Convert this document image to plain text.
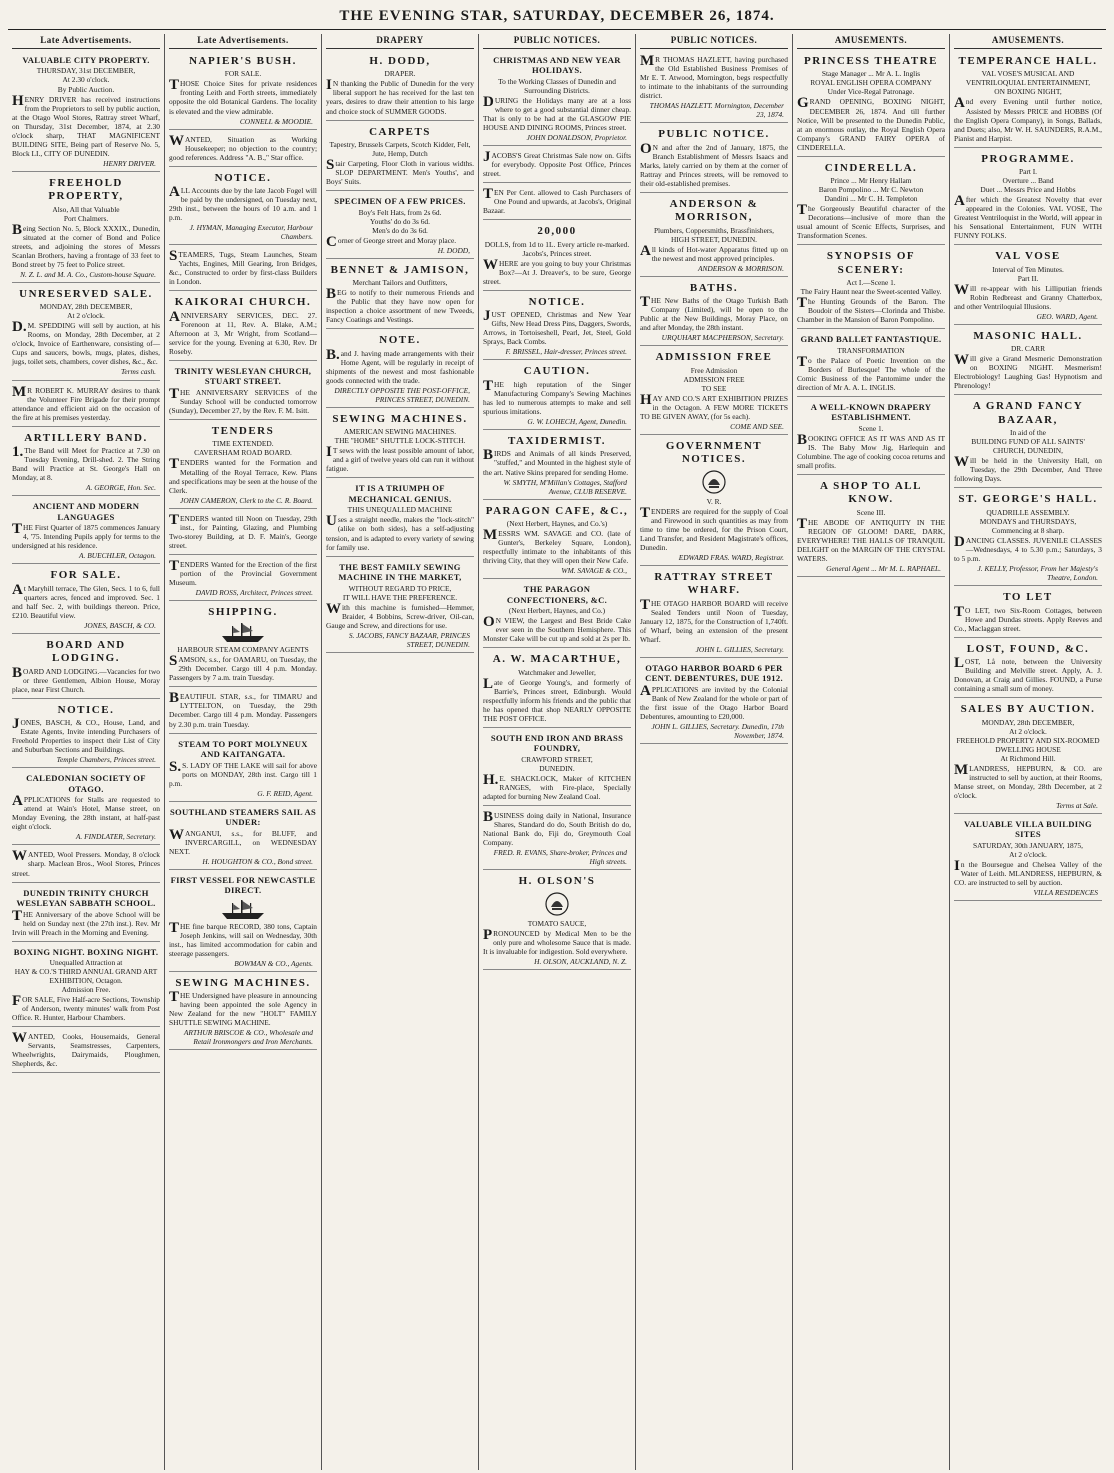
THE EVENING STAR, SATURDAY, DECEMBER 26, 1874.
Late Advertisements.
VALUABLE CITY PROPERTY.

THURSDAY, 31st DECEMBER,

At 2.30 o'clock.

By Public Auction.

HENRY DRIVER has received instructions from the Proprietors to sell by public auction, at the Otago Wool Stores, Rattray street Wharf, on Thursday, 31st December, 1874, at 2.30 o'clock sharp, THAT MAGNIFICENT BUILDING SITE, Being part of Reserve No. 5, Block LI., CITY OF DUNEDIN.

HENRY DRIVER.

FREEHOLD PROPERTY,

Also, All that Valuable

Port Chalmers.

Being Section No. 5, Block XXXIX., Dunedin, situated at the corner of Bond and Police streets, and adjoining the stores of Messrs Scanlan Brothers, having a frontage of 33 feet to Bond street by 75 feet to Police street.

N. Z. L. and M. A. Co., Custom-house Square.

UNRESERVED SALE.

MONDAY, 28th DECEMBER,

At 2 o'clock.

D.M. SPEDDING will sell by auction, at his Rooms, on Monday, 28th December, at 2 o'clock, Invoice of Earthenware, consisting of—Cups and saucers, bowls, mugs, plates, dishes, jugs, toilet sets, chambers, cover dishes, &c., &c.

Terms cash.

MR ROBERT K. MURRAY desires to thank the Volunteer Fire Brigade for their prompt attendance and efficient aid on the occasion of the fire at his premises yesterday.

ARTILLERY BAND.

1.The Band will Meet for Practice at 7.30 on Tuesday Evening, Drill-shed. 2. The String Band will Practice at St. George's Hall on Monday, at 8.

A. GEORGE, Hon. Sec.

ANCIENT AND MODERN LANGUAGES

THE First Quarter of 1875 commences January 4, '75. Intending Pupils apply for terms to the undersigned at his residence.

A. BUECHLER, Octagon.

FOR SALE.

At Maryhill terrace, The Glen, Secs. 1 to 6, full quarters acres, fenced and improved. Sec. 1 and half Sec. 2, with buildings thereon. Price, £210. Beautiful view.

JONES, BASCH, & CO.

BOARD AND LODGING.

BOARD AND LODGING.—Vacancies for two or three Gentlemen, Albion House, Moray place, near First Church.

NOTICE.

JONES, BASCH, & CO., House, Land, and Estate Agents, Invite intending Purchasers of Freehold Properties to inspect their List of City and Suburban Sections and Buildings.

Temple Chambers, Princes street.

CALEDONIAN SOCIETY OF OTAGO.

APPLICATIONS for Stalls are requested to attend at Wain's Hotel, Manse street, on Monday Evening, the 28th instant, at half-past eight o'clock.

A. FINDLATER, Secretary.

WANTED, Wool Pressers. Monday, 8 o'clock sharp. Maclean Bros., Wool Stores, Princes street.

DUNEDIN TRINITY CHURCH WESLEYAN SABBATH SCHOOL.

THE Anniversary of the above School will be held on Sunday next (the 27th inst.). Rev. Mr Irvin will Preach in the Morning and Evening.

BOXING NIGHT. BOXING NIGHT.

Unequalled Attraction at

HAY & CO.'S THIRD ANNUAL GRAND ART EXHIBITION, Octagon.

Admission Free.

FOR SALE, Five Half-acre Sections, Township of Anderson, twenty minutes' walk from Post Office. R. Hunter, Harbour Chambers.

WANTED, Cooks, Housemaids, General Servants, Seamstresses, Carpenters, Wheelwrights, Dairymaids, Ploughmen, Shepherds, &c.

Late Advertisements.
NAPIER'S BUSH.

FOR SALE.

THOSE Choice Sites for private residences fronting Leith and Forth streets, immediately opposite the old Botanical Gardens. The locality is elevated and the view admirable.

CONNELL & MOODIE.

WANTED, Situation as Working Housekeeper; no objection to the country; good references. Address "A. B.," Star office.

NOTICE.

ALL Accounts due by the late Jacob Fogel will be paid by the undersigned, on Tuesday next, 29th inst., between the hours of 10 a.m. and 1 p.m.

J. HYMAN, Managing Executor, Harbour Chambers.

STEAMERS, Tugs, Steam Launches, Steam Yachts, Engines, Mill Gearing, Iron Bridges, &c., Constructed to order by first-class Builders in London.

KAIKORAI CHURCH.

ANNIVERSARY SERVICES, DEC. 27. Forenoon at 11, Rev. A. Blake, A.M.; Afternoon at 3, Mr Wright, from Scotland—service for the young. Evening at 6.30, Rev. Dr Roseby.

TRINITY WESLEYAN CHURCH, STUART STREET.

THE ANNIVERSARY SERVICES of the Sunday School will be conducted tomorrow (Sunday), December 27, by the Rev. F. M. Isitt.

TENDERS

TIME EXTENDED.

CAVERSHAM ROAD BOARD.

TENDERS wanted for the Formation and Metalling of the Royal Terrace, Kew. Plans and specifications may be seen at the house of the Clerk.

JOHN CAMERON, Clerk to the C. R. Board.

TENDERS wanted till Noon on Tuesday, 29th inst., for Painting, Glazing, and Plumbing Two-storey Building, at D. F. Main's, George street.

TENDERS Wanted for the Erection of the first portion of the Provincial Government Museum.

DAVID ROSS, Architect, Princes street.

SHIPPING.

HARBOUR STEAM COMPANY AGENTS

SAMSON, s.s., for OAMARU, on Tuesday, the 29th December. Cargo till 4 p.m. Monday. Passengers by 7 a.m. train Tuesday.

BEAUTIFUL STAR, s.s., for TIMARU and LYTTELTON, on Tuesday, the 29th December. Cargo till 4 p.m. Monday. Passengers by 2.30 p.m. train Tuesday.

STEAM TO PORT MOLYNEUX AND KAITANGATA.

S.S. LADY OF THE LAKE will sail for above ports on MONDAY, 28th inst. Cargo till 1 p.m.

G. F. REID, Agent.

SOUTHLAND STEAMERS SAIL AS UNDER:

WANGANUI, s.s., for BLUFF, and INVERCARGILL, on WEDNESDAY NEXT.

H. HOUGHTON & CO., Bond street.

FIRST VESSEL FOR NEWCASTLE DIRECT.

THE fine barque RECORD, 380 tons, Captain Joseph Jenkins, will sail on Wednesday, 30th inst., has limited accommodation for cabin and steerage passengers.

BOWMAN & CO., Agents.

SEWING MACHINES.

THE Undersigned have pleasure in announcing having been appointed the sole Agency in New Zealand for the new "HOLT" FAMILY SHUTTLE SEWING MACHINE.

ARTHUR BRISCOE & CO., Wholesale and Retail Ironmongers and Iron Merchants.

DRAPERY
H. DODD,

DRAPER.

IN thanking the Public of Dunedin for the very liberal support he has received for the last ten years, desires to draw their attention to his large and choice stock of SUMMER GOODS.

CARPETS

Tapestry, Brussels Carpets, Scotch Kidder, Felt, Jute, Hemp, Dutch

Stair Carpeting, Floor Cloth in various widths. SLOP DEPARTMENT. Men's Youths', and Boys' Suits.

SPECIMEN OF A FEW PRICES.

Boy's Felt Hats, from 2s 6d.

Youths' do do 3s 6d.

Men's do do 3s 6d.

Corner of George street and Moray place.

H. DODD,

BENNET & JAMISON,

Merchant Tailors and Outfitters,

BEG to notify to their numerous Friends and the Public that they have now open for inspection a choice assortment of new Tweeds, Fancy Coatings and Vestings.

NOTE.

B.and J. having made arrangements with their Home Agent, will be regularly in receipt of shipments of the newest and most fashionable goods connected with the trade.

DIRECTLY OPPOSITE THE POST-OFFICE, PRINCES STREET, DUNEDIN.

SEWING MACHINES.

AMERICAN SEWING MACHINES.

THE "HOME" SHUTTLE LOCK-STITCH.

IT sews with the least possible amount of labor, and a girl of twelve years old can run it without fatigue.

IT IS A TRIUMPH OF MECHANICAL GENIUS.

THIS UNEQUALLED MACHINE

Uses a straight needle, makes the "lock-stitch" (alike on both sides), has a self-adjusting tension, and is adapted to every variety of sewing for family use.

THE BEST FAMILY SEWING MACHINE IN THE MARKET,

WITHOUT REGARD TO PRICE,

IT WILL HAVE THE PREFERENCE.

With this machine is furnished—Hemmer, Braider, 4 Bobbins, Screw-driver, Oil-can, Gauge and Screw, and directions for use.

S. JACOBS, FANCY BAZAAR, PRINCES STREET, DUNEDIN.

PUBLIC NOTICES.
CHRISTMAS AND NEW YEAR HOLIDAYS.

To the Working Classes of Dunedin and Surrounding Districts.

DURING the Holidays many are at a loss where to get a good substantial dinner cheap. That is only to be had at the GLASGOW PIE HOUSE AND DINING ROOMS, Princes street.

JOHN DONALDSON, Proprietor.

JACOBS'S Great Christmas Sale now on. Gifts for everybody. Opposite Post Office, Princes street.

TEN Per Cent. allowed to Cash Purchasers of One Pound and upwards, at Jacobs's, Original Bazaar.

20,000

DOLLS, from 1d to 1L. Every article re-marked. Jacobs's, Princes street.

WHERE are you going to buy your Christmas Box?—At J. Dreaver's, to be sure, George street.

NOTICE.

JUST OPENED, Christmas and New Year Gifts, New Head Dress Pins, Daggers, Swords, Arrows, in Tortoiseshell, Pearl, Jet, Steel, Gold Sprays, Back Combs.

F. BRISSEL, Hair-dresser, Princes street.

CAUTION.

THE high reputation of the Singer Manufacturing Company's Sewing Machines has led to numerous attempts to make and sell spurious imitations.

G. W. LOHECH, Agent, Dunedin.

TAXIDERMIST.

BIRDS and Animals of all kinds Preserved, "stuffed," and Mounted in the highest style of the art. Native Skins prepared for sending Home.

W. SMYTH, M'Millan's Cottages, Stafford Avenue, CLUB RESERVE.

PARAGON CAFE, &C.,

(Next Herbert, Haynes, and Co.'s)

MESSRS WM. SAVAGE and CO. (late of Gunter's, Berkeley Square, London), respectfully intimate to the inhabitants of this thriving City, that they will open their New Cafe.

WM. SAVAGE & CO.,

THE PARAGON CONFECTIONERS, &C.

(Next Herbert, Haynes, and Co.)

ON VIEW, the Largest and Best Bride Cake ever seen in the Southern Hemisphere. This Monster Cake will be cut up and sold at 2s per lb.

A. W. MACARTHUE,

Watchmaker and Jeweller,

Late of George Young's, and formerly of Barrie's, Princes street, Edinburgh. Would respectfully inform his friends and the public that he has opened that shop NEARLY OPPOSITE THE POST OFFICE.

SOUTH END IRON AND BRASS FOUNDRY,

CRAWFORD STREET,

DUNEDIN.

H.E. SHACKLOCK, Maker of KITCHEN RANGES, with Fire-place, Specially adapted for burning New Zealand Coal.

BUSINESS doing daily in National, Insurance Shares, Standard do do, South British do do, National Bank do, Fiji do, Greymouth Coal Company.

FRED. R. EVANS, Share-broker, Princes and High streets.

H. OLSON'S

TOMATO SAUCE,

PRONOUNCED by Medical Men to be the only pure and wholesome Sauce that is made. It is invaluable for indigestion. Sold everywhere.

H. OLSON, AUCKLAND, N. Z.

PUBLIC NOTICES.

MR THOMAS HAZLETT, having purchased the Old Established Business Premises of Mr E. T. Atwood, Mornington, begs respectfully to intimate to the inhabitants of the surrounding district.

THOMAS HAZLETT. Mornington, December 23, 1874.

PUBLIC NOTICE.

ON and after the 2nd of January, 1875, the Branch Establishment of Messrs Isaacs and Marks, lately carried on by them at the corner of Rattray and Princes streets, will be removed to their old-established premises.

ANDERSON & MORRISON,

Plumbers, Coppersmiths, Brassfinishers,

HIGH STREET, DUNEDIN.

All kinds of Hot-water Apparatus fitted up on the newest and most approved principles.

ANDERSON & MORRISON.

BATHS.

THE New Baths of the Otago Turkish Bath Company (Limited), will be open to the Public at the New Buildings, Moray Place, on and after Monday, the 28th instant.

URQUHART MACPHERSON, Secretary.

ADMISSION FREE

Free Admission

ADMISSION FREE

TO SEE

HAY AND CO.'S ART EXHIBITION PRIZES in the Octagon. A FEW MORE TICKETS TO BE GIVEN AWAY, (for 5s each).

COME AND SEE.

GOVERNMENT NOTICES.

V. R.

TENDERS are required for the supply of Coal and Firewood in such quantities as may from time to time be ordered, for the Prison Court, Land Transfer, and Resident Magistrate's offices, Dunedin.

EDWARD FRAS. WARD, Registrar.

RATTRAY STREET WHARF.

THE OTAGO HARBOR BOARD will receive Sealed Tenders until Noon of Tuesday, January 12, 1875, for the Construction of 1,740ft. of Wharf, being an extension of the present Wharf.

JOHN L. GILLIES, Secretary.

OTAGO HARBOR BOARD 6 PER CENT. DEBENTURES, DUE 1912.

APPLICATIONS are invited by the Colonial Bank of New Zealand for the whole or part of the first issue of the Otago Harbor Board Debentures, amounting to £20,000.

JOHN L. GILLIES, Secretary. Dunedin, 17th November, 1874.

AMUSEMENTS.
PRINCESS THEATRE

Stage Manager ... Mr A. L. Inglis

ROYAL ENGLISH OPERA COMPANY

Under Vice-Regal Patronage.

GRAND OPENING, BOXING NIGHT, DECEMBER 26, 1874. And till further Notice, Will be presented to the Dunedin Public, at an enormous outlay, the Royal English Opera Company's GRAND FAIRY OPERA of CINDERELLA.

CINDERELLA.

Prince ... Mr Henry Hallam

Baron Pompolino ... Mr C. Newton

Dandini ... Mr C. H. Templeton

The Gorgeously Beautiful character of the Decorations—inclusive of more than the usual amount of Scenic Effects, Surprises, and Transformation Scenes.

SYNOPSIS OF SCENERY:

Act I.—Scene 1.

The Fairy Haunt near the Sweet-scented Valley.

The Hunting Grounds of the Baron. The Boudoir of the Sisters—Clorinda and Thisbe. Chamber in the Mansion of Baron Pompolino.

GRAND BALLET FANTASTIQUE.

TRANSFORMATION

To the Palace of Poetic Invention on the Borders of Burlesque! The whole of the Comic Business of the Pantomime under the direction of Mr A. A. L. INGLIS.

A WELL-KNOWN DRAPERY ESTABLISHMENT.

Scene 1.

BOOKING OFFICE AS IT WAS AND AS IT IS. The Baby Mow Jig, Harlequin and Columbine. The age of cooking cocoa returns and small profits.

A SHOP TO ALL KNOW.

Scene III.

THE ABODE OF ANTIQUITY IN THE REGION OF GLOOM! DARE, DARK, EVERYWHERE! THE HALLS OF TRANQUIL DELIGHT on the MARGIN OF THE CRYSTAL WATERS.

General Agent ... Mr M. L. RAPHAEL.

AMUSEMENTS.
TEMPERANCE HALL.

VAL VOSE'S MUSICAL AND VENTRILOQUIAL ENTERTAINMENT,

ON BOXING NIGHT,

And every Evening until further notice, Assisted by Messrs PRICE and HOBBS (Of the English Opera Company), in Songs, Ballads, and Duets; also, Mr W. H. SAUNDERS, R.A.M., Pianist and Harpist.

PROGRAMME.

Part I.

Overture ... Band

Duet ... Messrs Price and Hobbs

After which the Greatest Novelty that ever appeared in the Colonies. VAL VOSE, The Greatest Ventriloquist in the World, will appear in his Sensational Entertainment, FUN WITH FUNNY FOLKS.

VAL VOSE

Interval of Ten Minutes.

Part II.

Will re-appear with his Lilliputian friends Robin Redbreast and Granny Chatterbox, and other Ventriloquial Illusions.

GEO. WARD, Agent.

MASONIC HALL.

DR. CARR

Will give a Grand Mesmeric Demonstration on BOXING NIGHT. Mesmerism! Electrobiology! Laughing Gas! Hypnotism and Phrenology!

A GRAND FANCY BAZAAR,

In aid of the

BUILDING FUND OF ALL SAINTS' CHURCH, DUNEDIN,

Will be held in the University Hall, on Tuesday, the 29th December, And Three following Days.

ST. GEORGE'S HALL.

QUADRILLE ASSEMBLY.

MONDAYS and THURSDAYS,

Commencing at 8 sharp.

DANCING CLASSES. JUVENILE CLASSES—Wednesdays, 4 to 5.30 p.m.; Saturdays, 3 to 5 p.m.

J. KELLY, Professor, From her Majesty's Theatre, London.

TO LET

TO LET, two Six-Room Cottages, between Howe and Dundas streets. Apply Reeves and Co., Maclaggan street.

LOST, FOUND, &C.

LOST, Lå note, between the University Building and Melville street. Apply, A. J. Donovan, at Craig and Gillies. FOUND, a Purse containing a small sum of money.

SALES BY AUCTION.

MONDAY, 28th DECEMBER,

At 2 o'clock.

FREEHOLD PROPERTY AND SIX-ROOMED DWELLING HOUSE

At Richmond Hill.

MLANDRESS, HEPBURN, & CO. are instructed to sell by auction, at their Rooms, Manse street, on Monday, 28th December, at 2 o'clock.

Terms at Sale.

VALUABLE VILLA BUILDING SITES

SATURDAY, 30th JANUARY, 1875,

At 2 o'clock.

In the Boursegue and Chelsea Valley of the Water of Leith. MLANDRESS, HEPBURN, & CO. are instructed to sell by auction.

VILLA RESIDENCES
